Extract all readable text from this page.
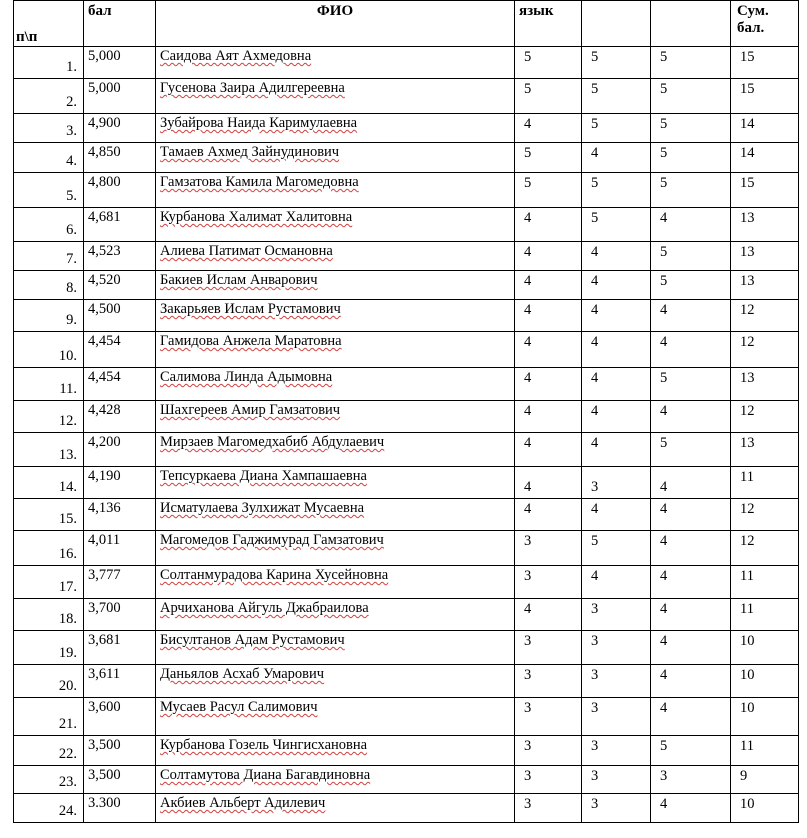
п\п	бал	ФИО	язык			Сум. бал.
1.	5,000	Саидова Аят Ахмедовна	5	5	5	15
2.	5,000	Гусенова Заира Адилгереевна	5	5	5	15
3.	4,900	Зубайрова Наида Каримулаевна	4	5	5	14
4.	4,850	Тамаев Ахмед Зайнудинович	5	4	5	14
5.	4,800	Гамзатова Камила Магомедовна	5	5	5	15
6.	4,681	Курбанова Халимат Халитовна	4	5	4	13
7.	4,523	Алиева Патимат Османовна	4	4	5	13
8.	4,520	Бакиев Ислам Анварович	4	4	5	13
9.	4,500	Закарьяев Ислам Рустамович	4	4	4	12
10.	4,454	Гамидова Анжела Маратовна	4	4	4	12
11.	4,454	Салимова Линда Адымовна	4	4	5	13
12.	4,428	Шахгереев Амир Гамзатович	4	4	4	12
13.	4,200	Мирзаев Магомедхабиб Абдулаевич	4	4	5	13
14.	4,190	Тепсуркаева Диана Хампашаевна	4	3	4	11
15.	4,136	Исматулаева Зулхижат Мусаевна	4	4	4	12
16.	4,011	Магомедов Гаджимурад Гамзатович	3	5	4	12
17.	3,777	Солтанмурадова Карина Хусейновна	3	4	4	11
18.	3,700	Арчиханова Айгуль Джабраилова	4	3	4	11
19.	3,681	Бисултанов Адам Рустамович	3	3	4	10
20.	3,611	Даньялов Асхаб Умарович	3	3	4	10
21.	3,600	Мусаев Расул Салимович	3	3	4	10
22.	3,500	Курбанова Гозель Чингисхановна	3	3	5	11
23.	3,500	Солтамутова Диана Багавдиновна	3	3	3	9
24.	3.300	Акбиев Альберт Адилевич	3	3	4	10
